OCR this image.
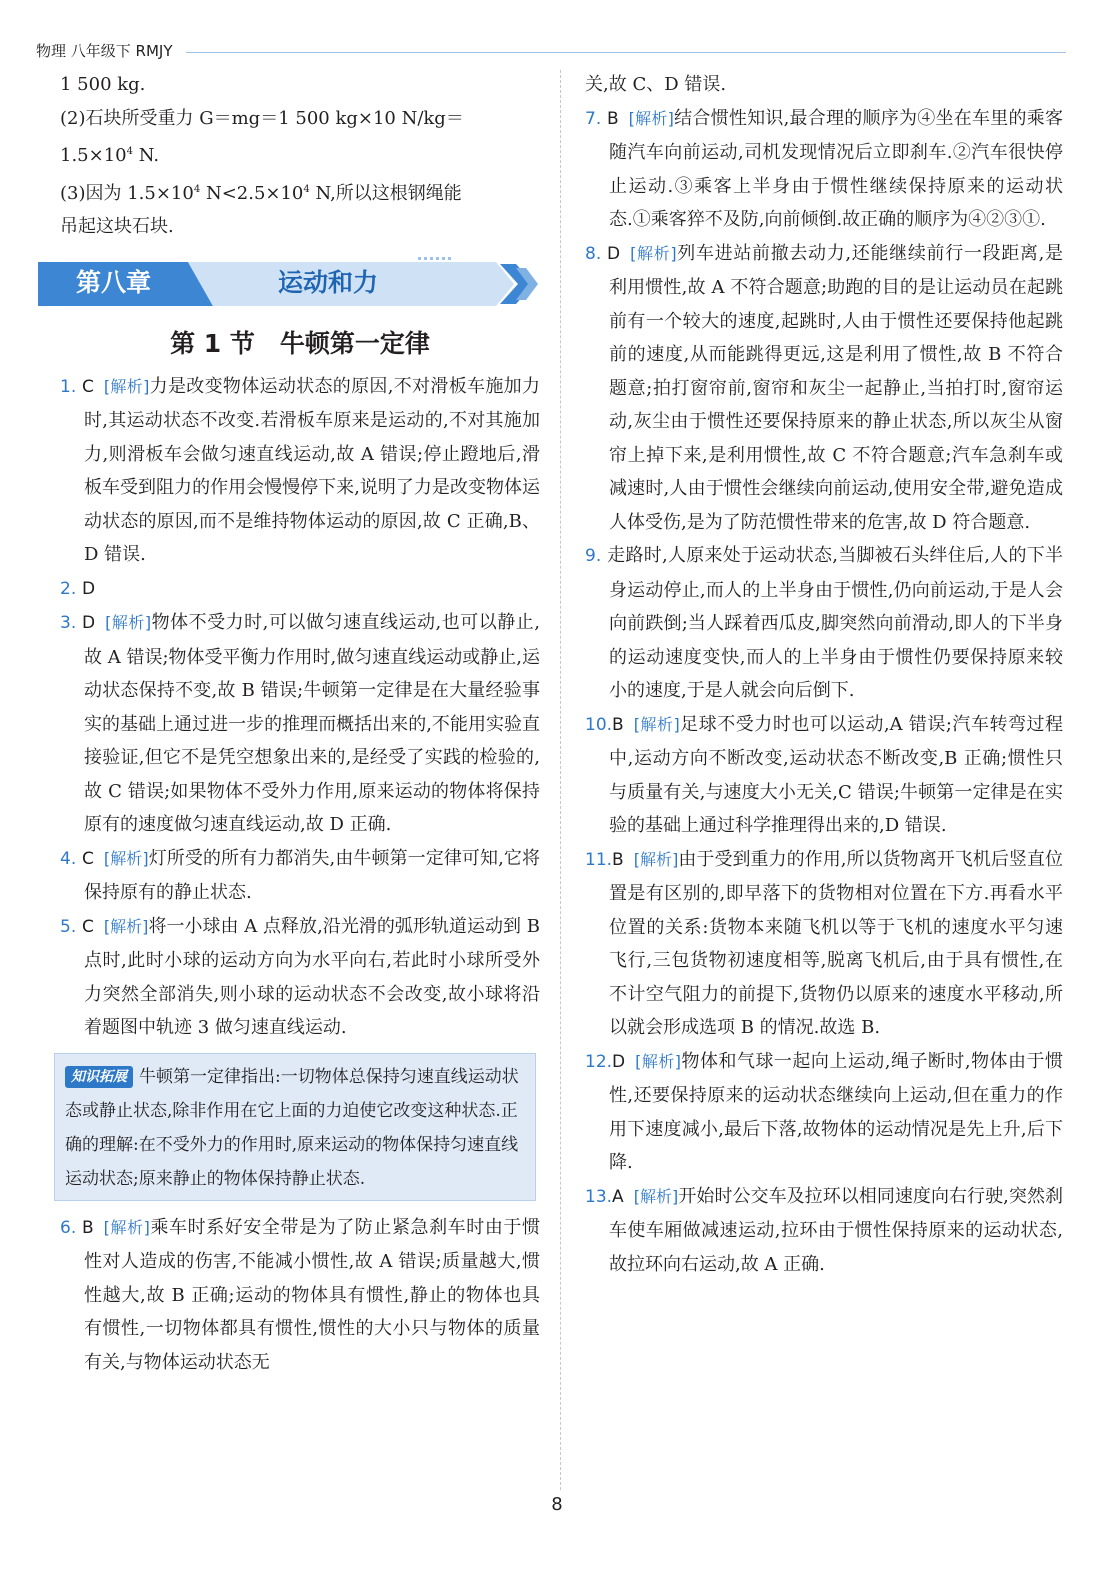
物理 八年级下 RMJY

1 500 kg.

(2)石块所受重力 G＝mg＝1 500 kg×10 N/kg＝

$1.5\times 10^4$ N.

(3)因为 $1.5\times 10^4$ $N<2.5\times 10^4$ N,所以这根钢绳能

吊起这块石块.

第八章	运动和力
第 1 节　牛顿第一定律

1. C [解析]力是改变物体运动状态的原因,不对滑板车施加力时,其运动状态不改变.若滑板车原来是运动的,不对其施加力,则滑板车会做匀速直线运动,故 A 错误;停止蹬地后,滑板车受到阻力的作用会慢慢停下来,说明了力是改变物体运动状态的原因,而不是维持物体运动的原因,故 C 正确,B、D 错误.

2. D

3. D [解析]物体不受力时,可以做匀速直线运动,也可以静止,故 A 错误;物体受平衡力作用时,做匀速直线运动或静止,运动状态保持不变,故 B 错误;牛顿第一定律是在大量经验事实的基础上通过进一步的推理而概括出来的,不能用实验直接验证,但它不是凭空想象出来的,是经受了实践的检验的,故 C 错误;如果物体不受外力作用,原来运动的物体将保持原有的速度做匀速直线运动,故 D 正确.

4. C [解析]灯所受的所有力都消失,由牛顿第一定律可知,它将保持原有的静止状态.

5. C [解析]将一小球由 A 点释放,沿光滑的弧形轨道运动到 B 点时,此时小球的运动方向为水平向右,若此时小球所受外力突然全部消失,则小球的运动状态不会改变,故小球将沿着题图中轨迹 3 做匀速直线运动.

知识拓展 牛顿第一定律指出:一切物体总保持匀速直线运动状态或静止状态,除非作用在它上面的力迫使它改变这种状态.正确的理解:在不受外力的作用时,原来运动的物体保持匀速直线运动状态;原来静止的物体保持静止状态.

6. B [解析]乘车时系好安全带是为了防止紧急刹车时由于惯性对人造成的伤害,不能减小惯性,故 A 错误;质量越大,惯性越大,故 B 正确;运动的物体具有惯性,静止的物体也具有惯性,一切物体都具有惯性,惯性的大小只与物体的质量有关,与物体运动状态无

关,故 C、D 错误.

7. B [解析]结合惯性知识,最合理的顺序为④坐在车里的乘客随汽车向前运动,司机发现情况后立即刹车.②汽车很快停止运动.③乘客上半身由于惯性继续保持原来的运动状态.①乘客猝不及防,向前倾倒.故正确的顺序为④②③①.

8. D [解析]列车进站前撤去动力,还能继续前行一段距离,是利用惯性,故 A 不符合题意;助跑的目的是让运动员在起跳前有一个较大的速度,起跳时,人由于惯性还要保持他起跳前的速度,从而能跳得更远,这是利用了惯性,故 B 不符合题意;拍打窗帘前,窗帘和灰尘一起静止,当拍打时,窗帘运动,灰尘由于惯性还要保持原来的静止状态,所以灰尘从窗帘上掉下来,是利用惯性,故 C 不符合题意;汽车急刹车或减速时,人由于惯性会继续向前运动,使用安全带,避免造成人体受伤,是为了防范惯性带来的危害,故 D 符合题意.

9. 走路时,人原来处于运动状态,当脚被石头绊住后,人的下半身运动停止,而人的上半身由于惯性,仍向前运动,于是人会向前跌倒;当人踩着西瓜皮,脚突然向前滑动,即人的下半身的运动速度变快,而人的上半身由于惯性仍要保持原来较小的速度,于是人就会向后倒下.

10.B [解析]足球不受力时也可以运动,A 错误;汽车转弯过程中,运动方向不断改变,运动状态不断改变,B 正确;惯性只与质量有关,与速度大小无关,C 错误;牛顿第一定律是在实验的基础上通过科学推理得出来的,D 错误.

11.B [解析]由于受到重力的作用,所以货物离开飞机后竖直位置是有区别的,即早落下的货物相对位置在下方.再看水平位置的关系:货物本来随飞机以等于飞机的速度水平匀速飞行,三包货物初速度相等,脱离飞机后,由于具有惯性,在不计空气阻力的前提下,货物仍以原来的速度水平移动,所以就会形成选项 B 的情况.故选 B.

12.D [解析]物体和气球一起向上运动,绳子断时,物体由于惯性,还要保持原来的运动状态继续向上运动,但在重力的作用下速度减小,最后下落,故物体的运动情况是先上升,后下降.

13.A [解析]开始时公交车及拉环以相同速度向右行驶,突然刹车使车厢做减速运动,拉环由于惯性保持原来的运动状态,故拉环向右运动,故 A 正确.

8
